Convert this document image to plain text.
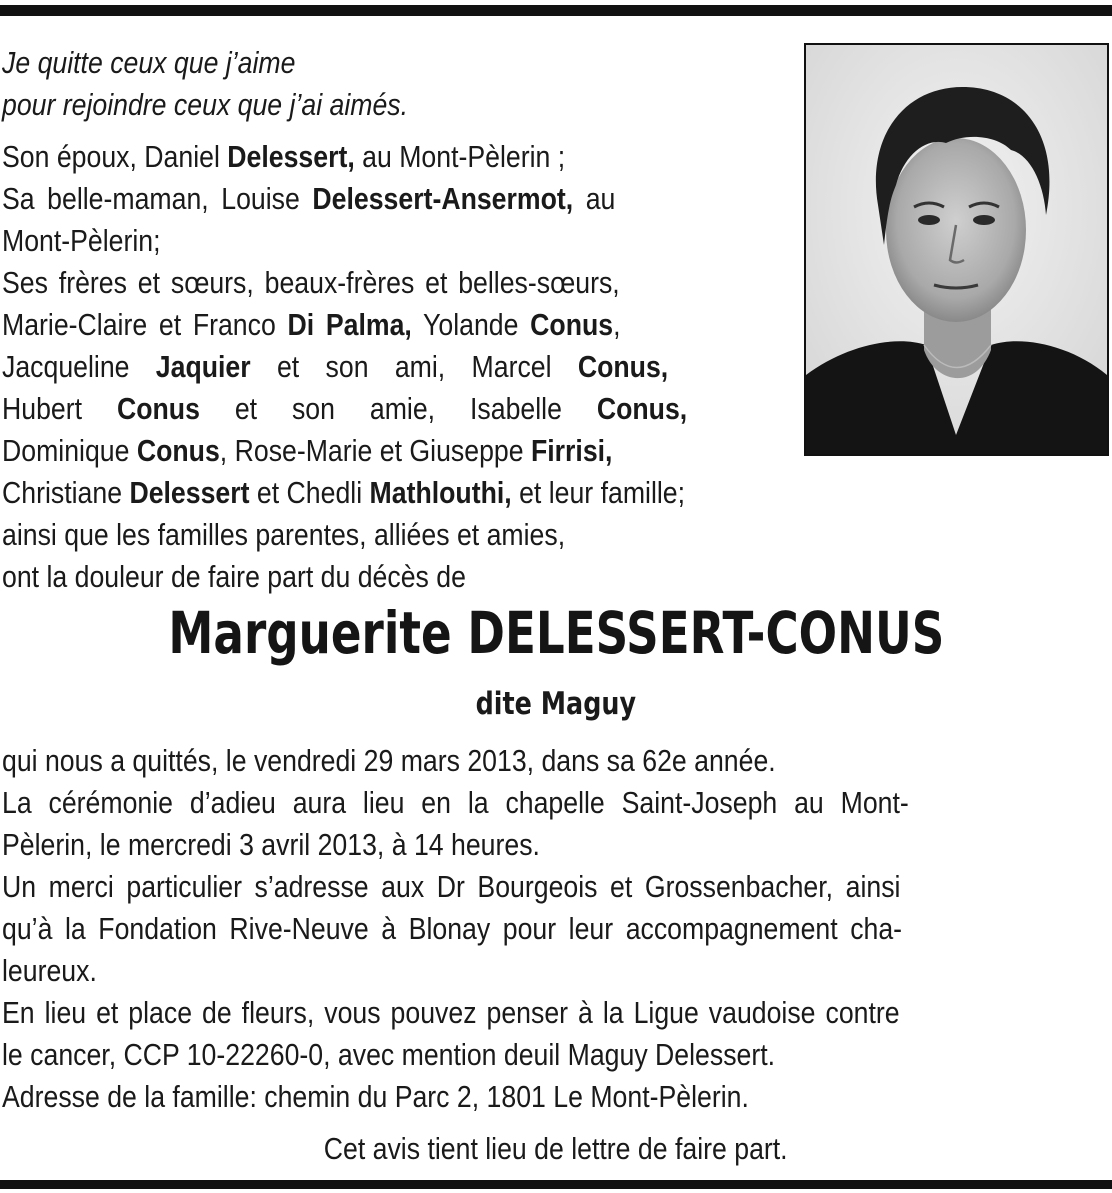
Je quitte ceux que j’aime
pour rejoindre ceux que j’ai aimés.
Son époux, Daniel Delessert, au Mont-Pèlerin ;
Sa belle-maman, Louise Delessert-Ansermot, au
Mont-Pèlerin;
Ses frères et sœurs, beaux-frères et belles-sœurs,
Marie-Claire et Franco Di Palma, Yolande Conus,
Jacqueline Jaquier et son ami, Marcel Conus,
Hubert Conus et son amie, Isabelle Conus,
Dominique Conus, Rose-Marie et Giuseppe Firrisi,
Christiane Delessert et Chedli Mathlouthi, et leur famille;
ainsi que les familles parentes, alliées et amies,
ont la douleur de faire part du décès de
Marguerite DELESSERT-CONUS
dite Maguy
qui nous a quittés, le vendredi 29 mars 2013, dans sa 62e année.
La cérémonie d’adieu aura lieu en la chapelle Saint-Joseph au Mont-
Pèlerin, le mercredi 3 avril 2013, à 14 heures.
Un merci particulier s’adresse aux Dr Bourgeois et Grossenbacher, ainsi
qu’à la Fondation Rive-Neuve à Blonay pour leur accompagnement cha-
leureux.
En lieu et place de fleurs, vous pouvez penser à la Ligue vaudoise contre
le cancer, CCP 10-22260-0, avec mention deuil Maguy Delessert.
Adresse de la famille: chemin du Parc 2, 1801 Le Mont-Pèlerin.
Cet avis tient lieu de lettre de faire part.
